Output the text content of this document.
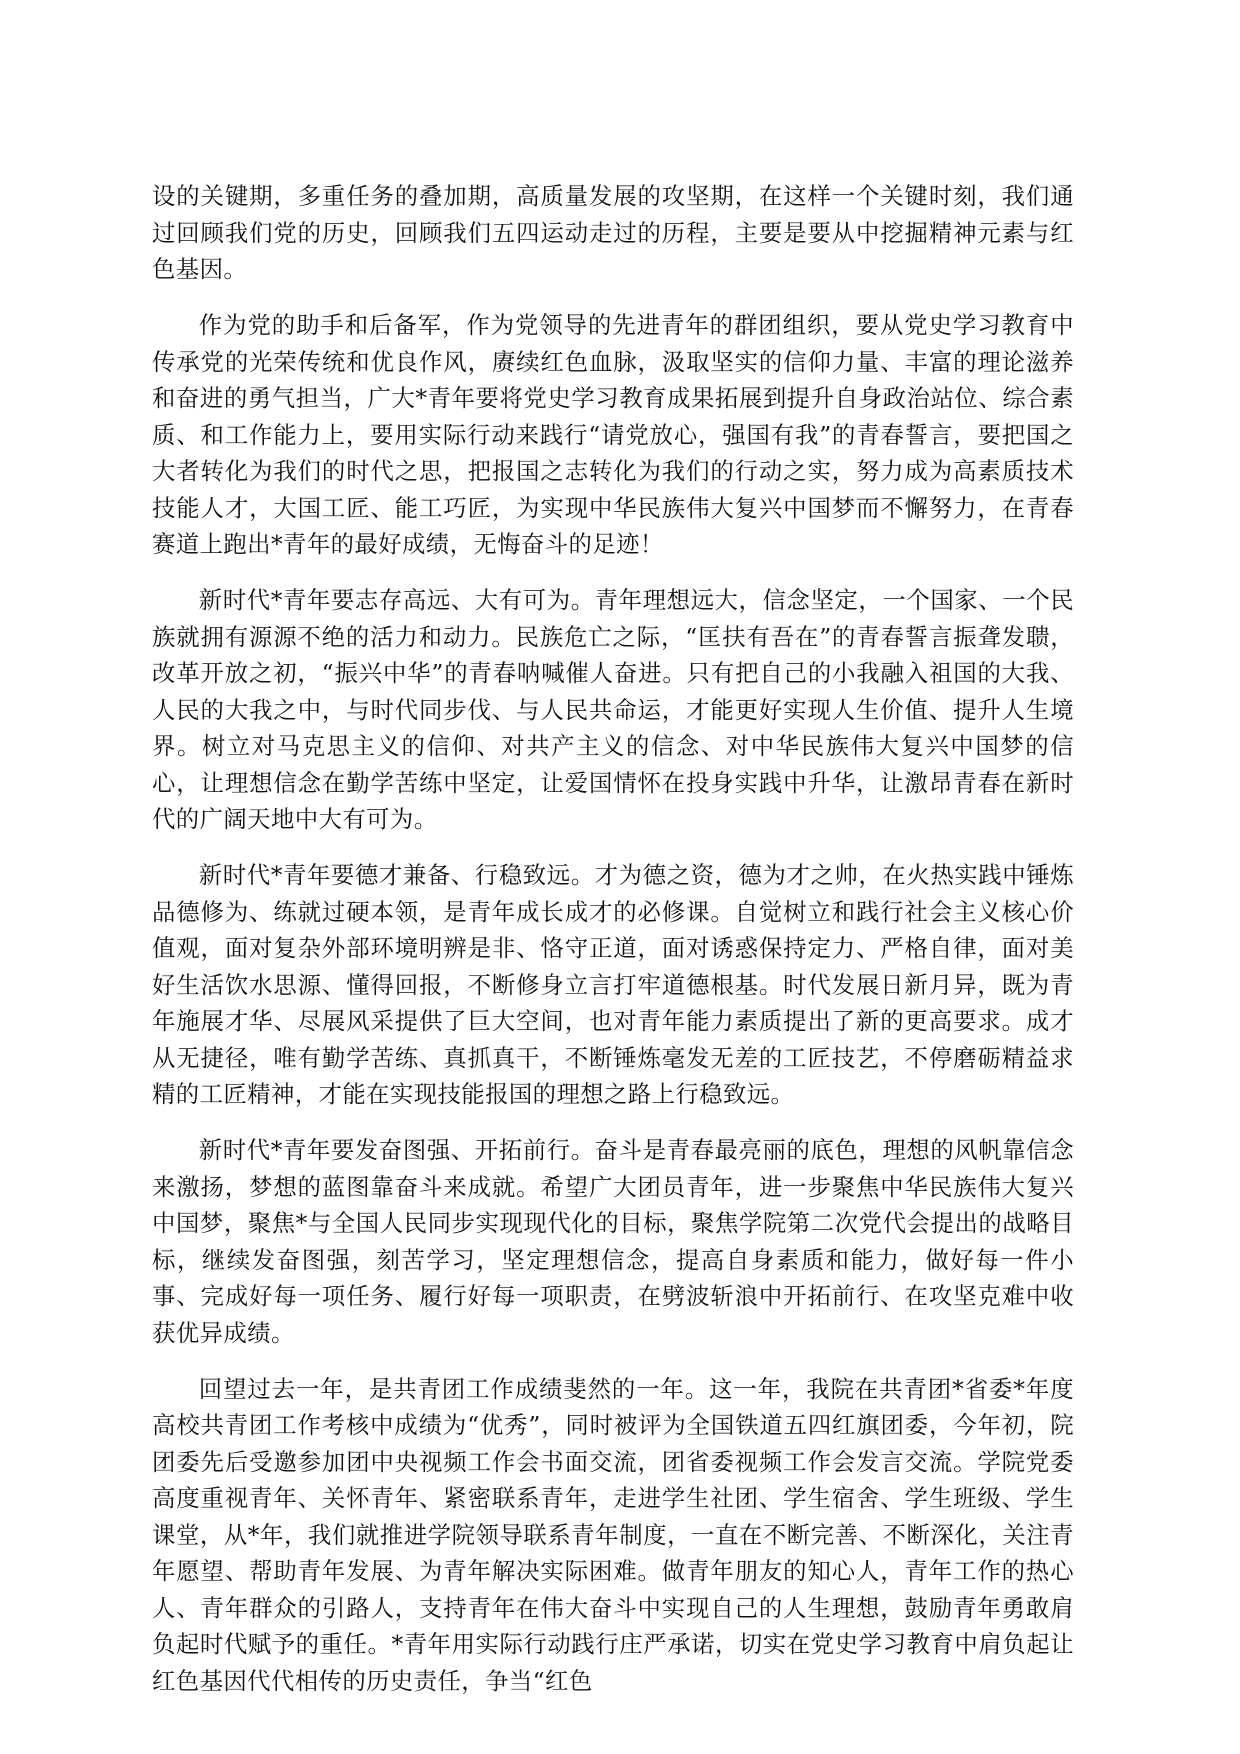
设的关键期，多重任务的叠加期，高质量发展的攻坚期，在这样一个关键时刻，我们通过回顾我们党的历史，回顾我们五四运动走过的历程，主要是要从中挖掘精神元素与红色基因。

作为党的助手和后备军，作为党领导的先进青年的群团组织，要从党史学习教育中传承党的光荣传统和优良作风，赓续红色血脉，汲取坚实的信仰力量、丰富的理论滋养和奋进的勇气担当，广大*青年要将党史学习教育成果拓展到提升自身政治站位、综合素质、和工作能力上，要用实际行动来践行“请党放心，强国有我”的青春誓言，要把国之大者转化为我们的时代之思，把报国之志转化为我们的行动之实，努力成为高素质技术技能人才，大国工匠、能工巧匠，为实现中华民族伟大复兴中国梦而不懈努力，在青春赛道上跑出*青年的最好成绩，无悔奋斗的足迹！

新时代*青年要志存高远、大有可为。青年理想远大，信念坚定，一个国家、一个民族就拥有源源不绝的活力和动力。民族危亡之际，“匡扶有吾在”的青春誓言振聋发聩，改革开放之初，“振兴中华”的青春呐喊催人奋进。只有把自己的小我融入祖国的大我、人民的大我之中，与时代同步伐、与人民共命运，才能更好实现人生价值、提升人生境界。树立对马克思主义的信仰、对共产主义的信念、对中华民族伟大复兴中国梦的信心，让理想信念在勤学苦练中坚定，让爱国情怀在投身实践中升华，让激昂青春在新时代的广阔天地中大有可为。

新时代*青年要德才兼备、行稳致远。才为德之资，德为才之帅，在火热实践中锤炼品德修为、练就过硬本领，是青年成长成才的必修课。自觉树立和践行社会主义核心价值观，面对复杂外部环境明辨是非、恪守正道，面对诱惑保持定力、严格自律，面对美好生活饮水思源、懂得回报，不断修身立言打牢道德根基。时代发展日新月异，既为青年施展才华、尽展风采提供了巨大空间，也对青年能力素质提出了新的更高要求。成才从无捷径，唯有勤学苦练、真抓真干，不断锤炼毫发无差的工匠技艺，不停磨砺精益求精的工匠精神，才能在实现技能报国的理想之路上行稳致远。

新时代*青年要发奋图强、开拓前行。奋斗是青春最亮丽的底色，理想的风帆靠信念来激扬，梦想的蓝图靠奋斗来成就。希望广大团员青年，进一步聚焦中华民族伟大复兴中国梦，聚焦*与全国人民同步实现现代化的目标，聚焦学院第二次党代会提出的战略目标，继续发奋图强，刻苦学习，坚定理想信念，提高自身素质和能力，做好每一件小事、完成好每一项任务、履行好每一项职责，在劈波斩浪中开拓前行、在攻坚克难中收获优异成绩。

回望过去一年，是共青团工作成绩斐然的一年。这一年，我院在共青团*省委*年度高校共青团工作考核中成绩为“优秀”，同时被评为全国铁道五四红旗团委，今年初，院团委先后受邀参加团中央视频工作会书面交流，团省委视频工作会发言交流。学院党委高度重视青年、关怀青年、紧密联系青年，走进学生社团、学生宿舍、学生班级、学生课堂，从*年，我们就推进学院领导联系青年制度，一直在不断完善、不断深化，关注青年愿望、帮助青年发展、为青年解决实际困难。做青年朋友的知心人，青年工作的热心人、青年群众的引路人，支持青年在伟大奋斗中实现自己的人生理想，鼓励青年勇敢肩负起时代赋予的重任。*青年用实际行动践行庄严承诺，切实在党史学习教育中肩负起让红色基因代代相传的历史责任，争当“红色
